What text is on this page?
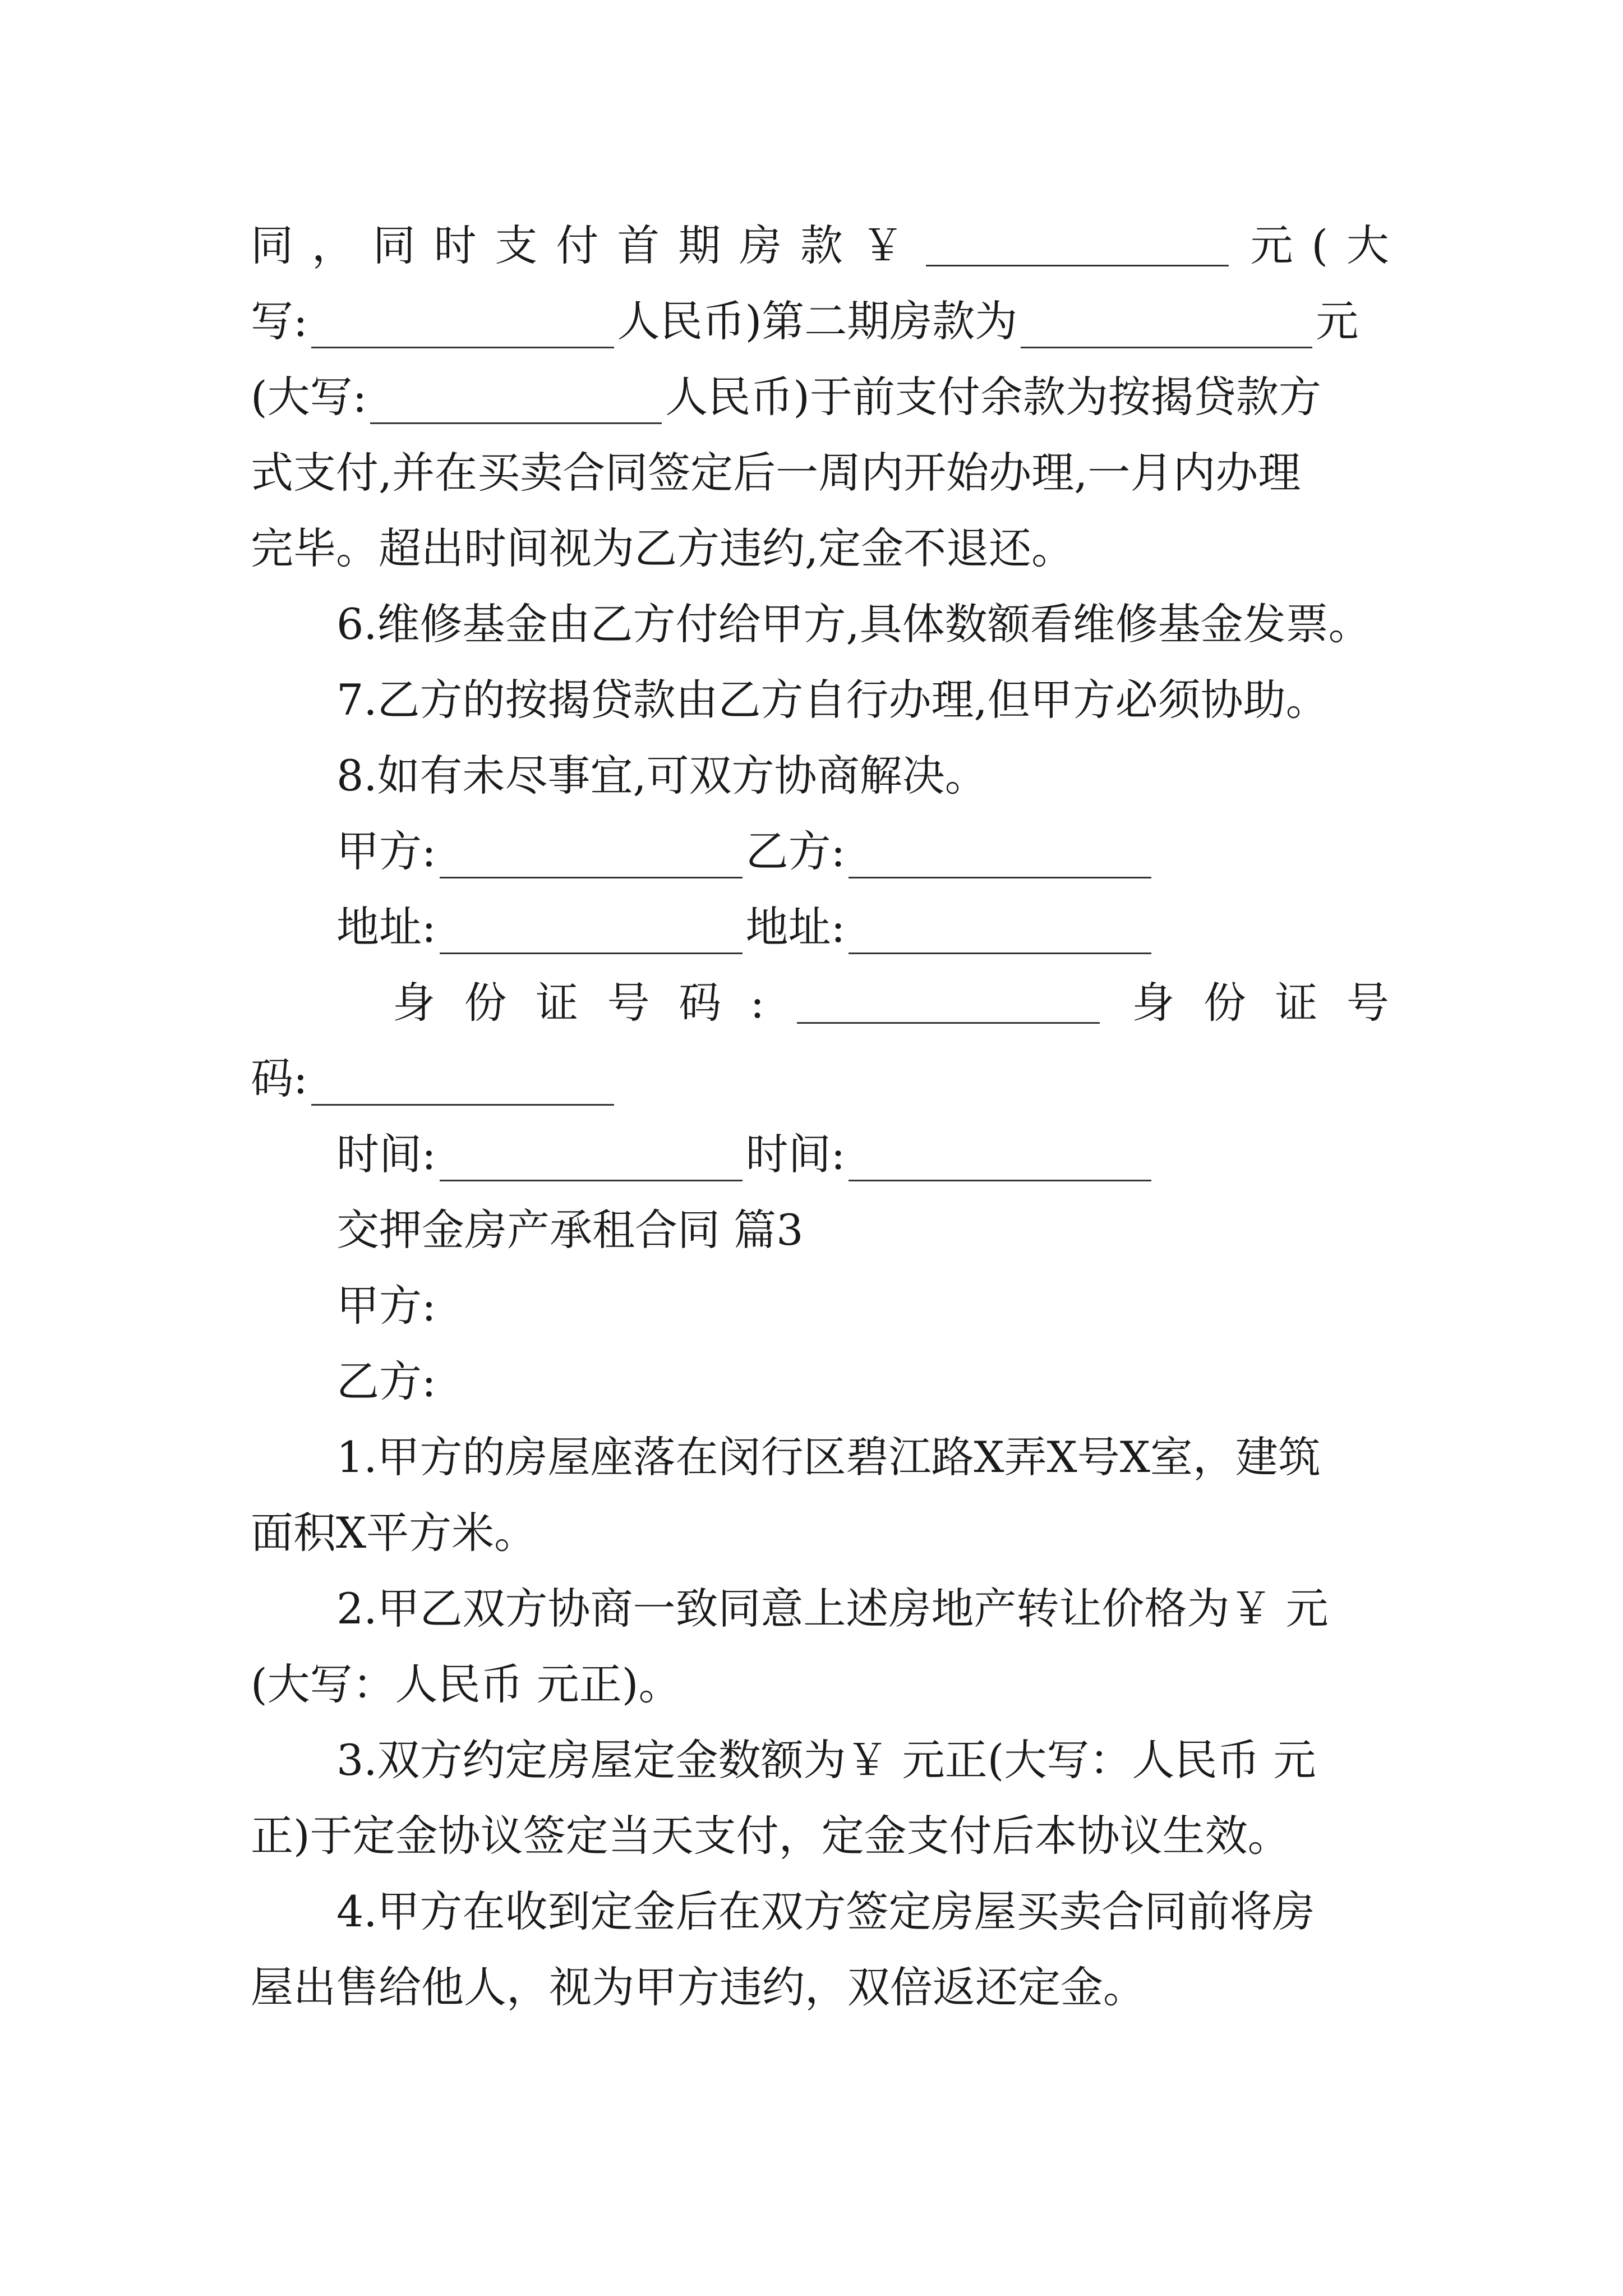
同 ， 同 时 支 付 首 期 房 款 ￥	元 ( 大
写:	人民币)第二期房款为	元
(大写:	人民币)于前支付余款为按揭贷款方
式支付,并在买卖合同签定后一周内开始办理,一月内办理
完毕。超出时间视为乙方违约,定金不退还。
6.维修基金由乙方付给甲方,具体数额看维修基金发票。
7.乙方的按揭贷款由乙方自行办理,但甲方必须协助。
8.如有未尽事宜,可双方协商解决。
甲方:	乙方:
地址:	地址:
身 份 证 号 码 :	身 份 证 号
码:
时间:	时间:
交押金房产承租合同 篇3
甲方:
乙方:
1.甲方的房屋座落在闵行区碧江路X弄X号X室，建筑
面积X平方米。
2.甲乙双方协商一致同意上述房地产转让价格为￥ 元
(大写：人民币 元正)。
3.双方约定房屋定金数额为￥ 元正(大写：人民币 元
正)于定金协议签定当天支付，定金支付后本协议生效。
4.甲方在收到定金后在双方签定房屋买卖合同前将房
屋出售给他人，视为甲方违约，双倍返还定金。
